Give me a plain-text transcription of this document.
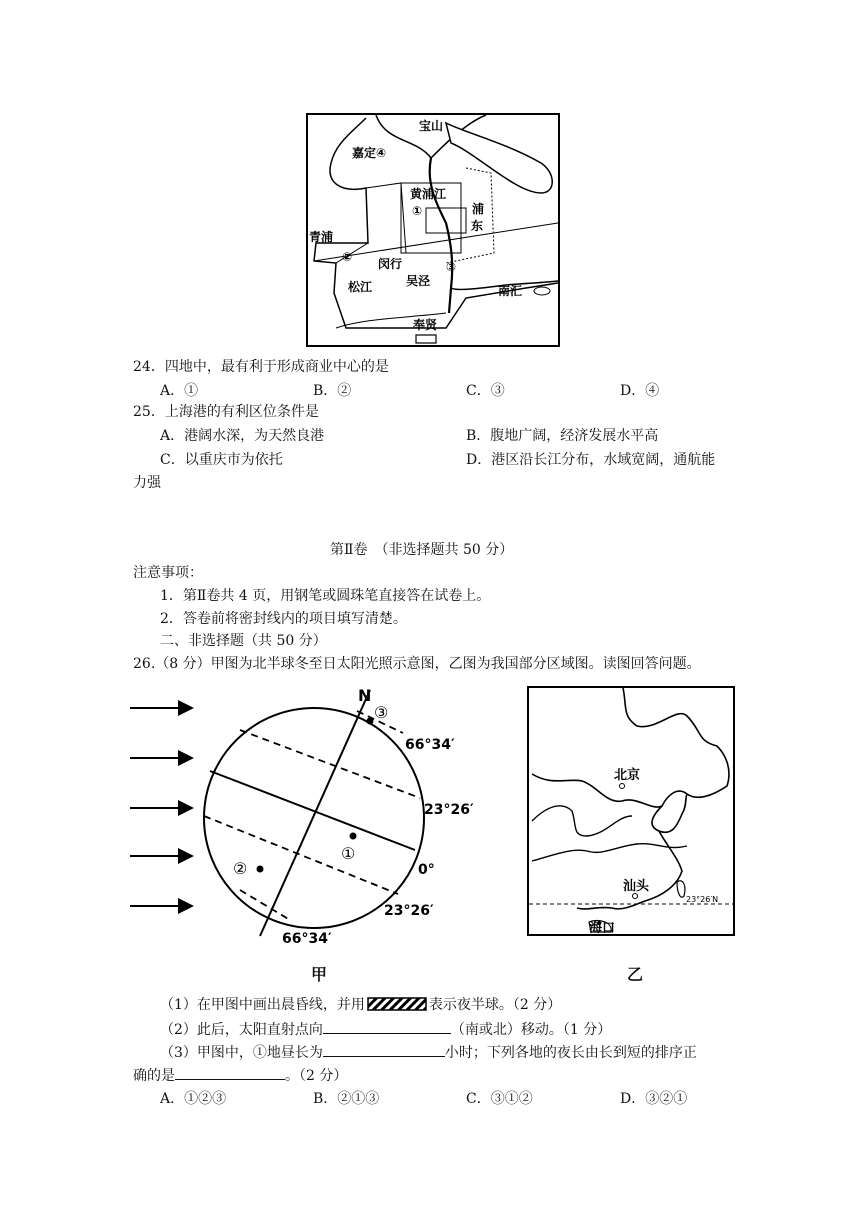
宝山
嘉定④
黄浦江
①	浦
东
青浦
② 闵行	③
松江	吴泾
南汇
奉贤
24．四地中，最有利于形成商业中心的是
A．①	B．②	C．③	D．④
25．上海港的有利区位条件是
A．港阔水深，为天然良港	B．腹地广阔，经济发展水平高
C．以重庆市为依托	D．港区沿长江分布，水域宽阔，通航能
力强
第Ⅱ卷　（非选择题共 50 分）
注意事项：
1．第Ⅱ卷共 4 页，用钢笔或圆珠笔直接答在试卷上。
2．答卷前将密封线内的项目填写清楚。
二、非选择题（共 50 分）
26.（8 分）甲图为北半球冬至日太阳光照示意图，乙图为我国部分区域图。读图回答问题。
N
③
66°34′
23°26′
①
②	0°
23°26′
66°34′
甲
北京
汕头
海口
23°26′N
乙
（1）在甲图中画出晨昏线，并用	表示夜半球。（2 分）
（2）此后，太阳直射点向	（南或北）移动。（1 分）
（3）甲图中，①地昼长为	小时；下列各地的夜长由长到短的排序正
确的是	。（2 分）
A．①②③	B．②①③	C．③①②	D．③②①
